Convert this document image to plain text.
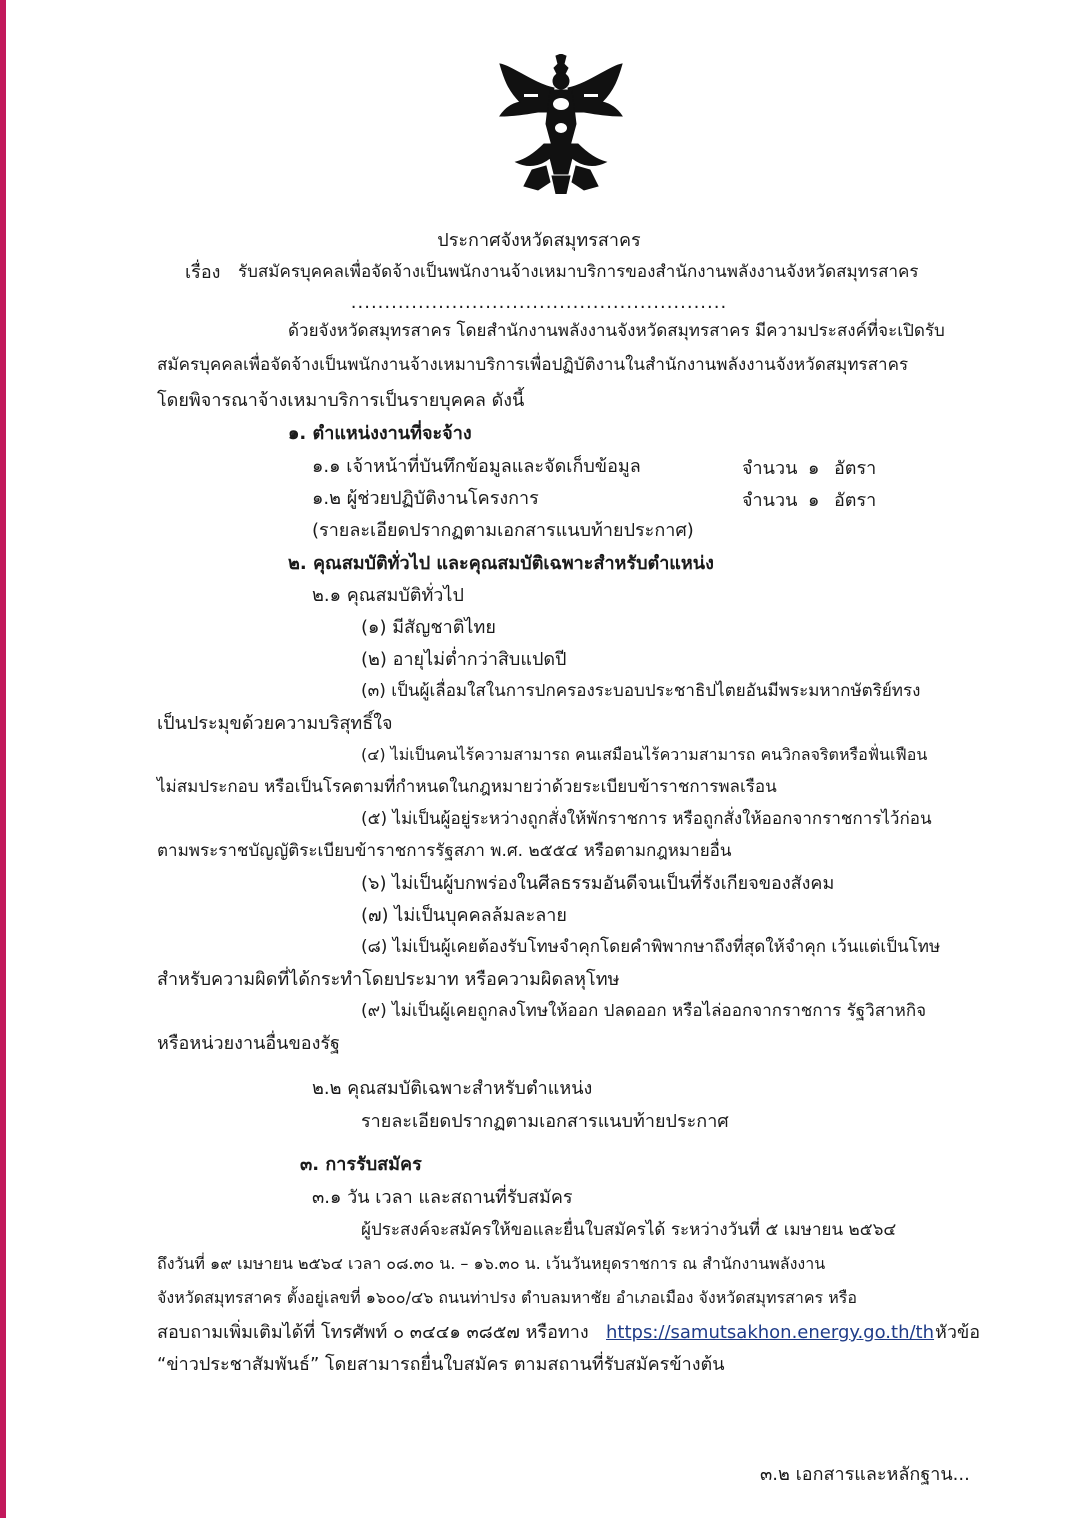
ประกาศจังหวัดสมุทรสาคร
เรื่อง รับสมัครบุคคลเพื่อจัดจ้างเป็นพนักงานจ้างเหมาบริการของสำนักงานพลังงานจังหวัดสมุทรสาคร
........................................................
ด้วยจังหวัดสมุทรสาคร โดยสำนักงานพลังงานจังหวัดสมุทรสาคร มีความประสงค์ที่จะเปิดรับ
สมัครบุคคลเพื่อจัดจ้างเป็นพนักงานจ้างเหมาบริการเพื่อปฏิบัติงานในสำนักงานพลังงานจังหวัดสมุทรสาคร
โดยพิจารณาจ้างเหมาบริการเป็นรายบุคคล ดังนี้
๑. ตำแหน่งงานที่จะจ้าง
๑.๑ เจ้าหน้าที่บันทึกข้อมูลและจัดเก็บข้อมูล	จำนวน ๑ อัตรา
๑.๒ ผู้ช่วยปฏิบัติงานโครงการ	จำนวน ๑ อัตรา
(รายละเอียดปรากฏตามเอกสารแนบท้ายประกาศ)
๒. คุณสมบัติทั่วไป และคุณสมบัติเฉพาะสำหรับตำแหน่ง
๒.๑ คุณสมบัติทั่วไป
(๑) มีสัญชาติไทย
(๒) อายุไม่ต่ำกว่าสิบแปดปี
(๓) เป็นผู้เลื่อมใสในการปกครองระบอบประชาธิปไตยอันมีพระมหากษัตริย์ทรง
เป็นประมุขด้วยความบริสุทธิ์ใจ
(๔) ไม่เป็นคนไร้ความสามารถ คนเสมือนไร้ความสามารถ คนวิกลจริตหรือฟั่นเฟือน
ไม่สมประกอบ หรือเป็นโรคตามที่กำหนดในกฎหมายว่าด้วยระเบียบข้าราชการพลเรือน
(๕) ไม่เป็นผู้อยู่ระหว่างถูกสั่งให้พักราชการ หรือถูกสั่งให้ออกจากราชการไว้ก่อน
ตามพระราชบัญญัติระเบียบข้าราชการรัฐสภา พ.ศ. ๒๕๕๔ หรือตามกฎหมายอื่น
(๖) ไม่เป็นผู้บกพร่องในศีลธรรมอันดีจนเป็นที่รังเกียจของสังคม
(๗) ไม่เป็นบุคคลล้มละลาย
(๘) ไม่เป็นผู้เคยต้องรับโทษจำคุกโดยคำพิพากษาถึงที่สุดให้จำคุก เว้นแต่เป็นโทษ
สำหรับความผิดที่ได้กระทำโดยประมาท หรือความผิดลหุโทษ
(๙) ไม่เป็นผู้เคยถูกลงโทษให้ออก ปลดออก หรือไล่ออกจากราชการ รัฐวิสาหกิจ
หรือหน่วยงานอื่นของรัฐ
๒.๒ คุณสมบัติเฉพาะสำหรับตำแหน่ง
รายละเอียดปรากฏตามเอกสารแนบท้ายประกาศ
๓. การรับสมัคร
๓.๑ วัน เวลา และสถานที่รับสมัคร
ผู้ประสงค์จะสมัครให้ขอและยื่นใบสมัครได้ ระหว่างวันที่ ๕ เมษายน ๒๕๖๔
ถึงวันที่ ๑๙ เมษายน ๒๕๖๔ เวลา ๐๘.๓๐ น. – ๑๖.๓๐ น. เว้นวันหยุดราชการ ณ สำนักงานพลังงาน
จังหวัดสมุทรสาคร ตั้งอยู่เลขที่ ๑๖๐๐/๔๖ ถนนท่าปรง ตำบลมหาชัย อำเภอเมือง จังหวัดสมุทรสาคร หรือ
สอบถามเพิ่มเติมได้ที่ โทรศัพท์ ๐ ๓๔๔๑ ๓๘๕๗ หรือทาง https://samutsakhon.energy.go.th/th หัวข้อ
“ข่าวประชาสัมพันธ์” โดยสามารถยื่นใบสมัคร ตามสถานที่รับสมัครข้างต้น
๓.๒ เอกสารและหลักฐาน...
